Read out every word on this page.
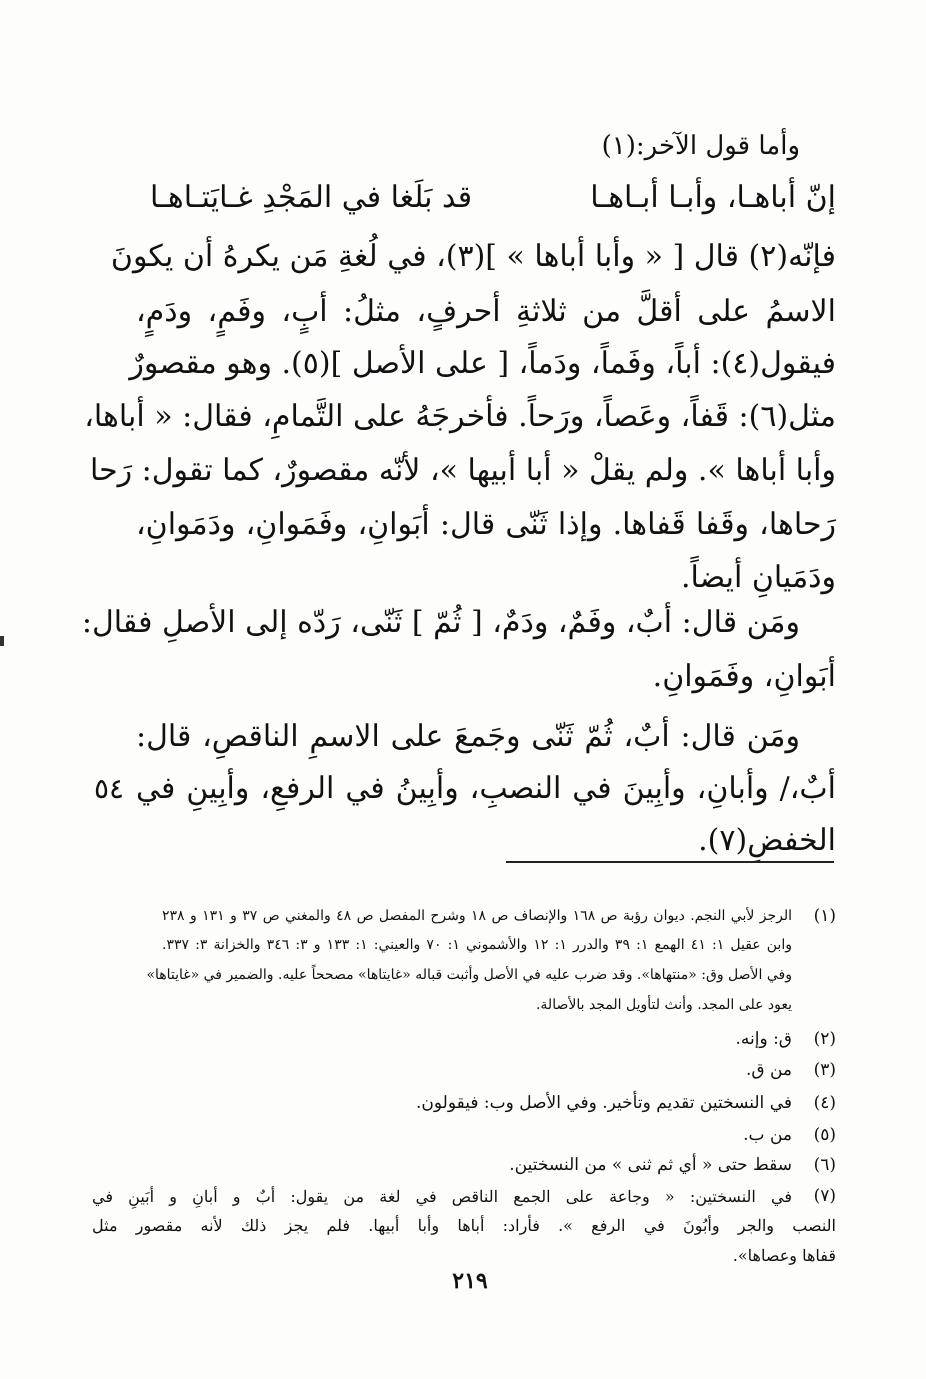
وأما قول الآخر:(١)
إنّ أباهـا، وأبـا أبـاهـا
قد بَلَغا في المَجْدِ غـايَتـاهـا
فإنّه(٢) قال [ « وأبا أباها » ](٣)، في لُغةِ مَن يكرهُ أن يكونَ
الاسمُ على أقلَّ من ثلاثةِ أحرفٍ، مثلُ: أبٍ، وفَمٍ، ودَمٍ،
فيقول(٤): أباً، وفَماً، ودَماً، [ على الأصل ](٥). وهو مقصورٌ
مثل(٦): قَفاً، وعَصاً، ورَحاً. فأخرجَهُ على التَّمامِ، فقال: « أباها،
وأبا أباها ». ولم يقلْ « أبا أبيها »، لأنّه مقصورٌ، كما تقول: رَحا
رَحاها، وقَفا قَفاها. وإذا ثَنّى قال: أبَوانِ، وفَمَوانِ، ودَمَوانِ،
ودَمَيانِ أيضاً.
ومَن قال: أبٌ، وفَمٌ، ودَمٌ، [ ثُمّ ] ثَنّى، رَدّه إلى الأصلِ فقال:
أبَوانِ، وفَمَوانِ.
ومَن قال: أبٌ، ثُمّ ثَنّى وجَمعَ على الاسمِ الناقصِ، قال:
أبٌ،/ وأبانِ، وأبِينَ في النصبِ، وأبِينُ في الرفعِ، وأبِينِ في
الخفضِ(٧).
٥٤
(١)
الرجز لأبي النجم. ديوان رؤبة ص ١٦٨ والإنصاف ص ١٨ وشرح المفصل ص ٤٨ والمغني ص ٣٧ و ١٣١ و ٢٣٨
وابن عقيل ١: ٤١ الهمع ١: ٣٩ والدرر ١: ١٢ والأشموني ١: ٧٠ والعيني: ١: ١٣٣ و ٣: ٣٤٦ والخزانة ٣: ٣٣٧.
وفي الأصل وق: «منتهاها». وقد ضرب عليه في الأصل وأثبت قباله «غايتاها» مصححاً عليه. والضمير في «غايتاها»
يعود على المجد. وأنث لتأويل المجد بالأصالة.
(٢)
ق: وإنه.
(٣)
من ق.
(٤)
في النسختين تقديم وتأخير. وفي الأصل وب: فيقولون.
(٥)
من ب.
(٦)
سقط حتى « أي ثم ثنى » من النسختين.
(٧)
في النسختين: « وجاعة على الجمع الناقص في لغة من يقول: أبٌ و أبانِ و أبَينِ في
النصب والجر وأبُونَ في الرفع ». فأراد: أباها وأبا أبيها. فلم يجز ذلك لأنه مقصور مثل
قفاها وعصاها».
٢١٩
